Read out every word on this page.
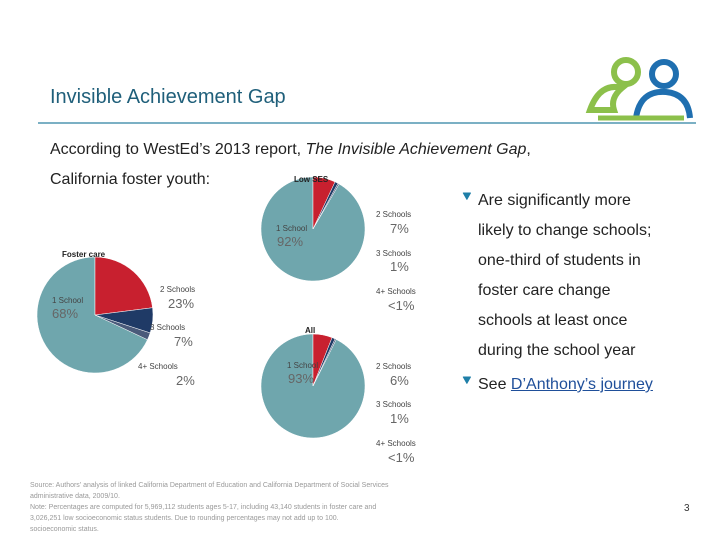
Invisible Achievement Gap
According to WestEd’s 2013 report, The Invisible Achievement Gap,
California foster youth:
🔻︎ Are significantly more
likely to change schools;
one-third of students in
foster care change
schools at least once
during the school year
🔻︎ See D’Anthony’s journey
Foster care
1 School
68%
2 Schools
23%
3 Schools
7%
4+ Schools
2%
Low SES
1 School
92%
2 Schools
7%
3 Schools
1%
4+ Schools
<1%
All
1 School
93%
2 Schools
6%
3 Schools
1%
4+ Schools
<1%
Source: Authors' analysis of linked California Department of Education and California Department of Social Services
administrative data, 2009/10.
Note: Percentages are computed for 5,969,112 students ages 5-17, including 43,140 students in foster care and
3,026,251 low socioeconomic status students. Due to rounding percentages may not add up to 100.
socioeconomic status.
3
